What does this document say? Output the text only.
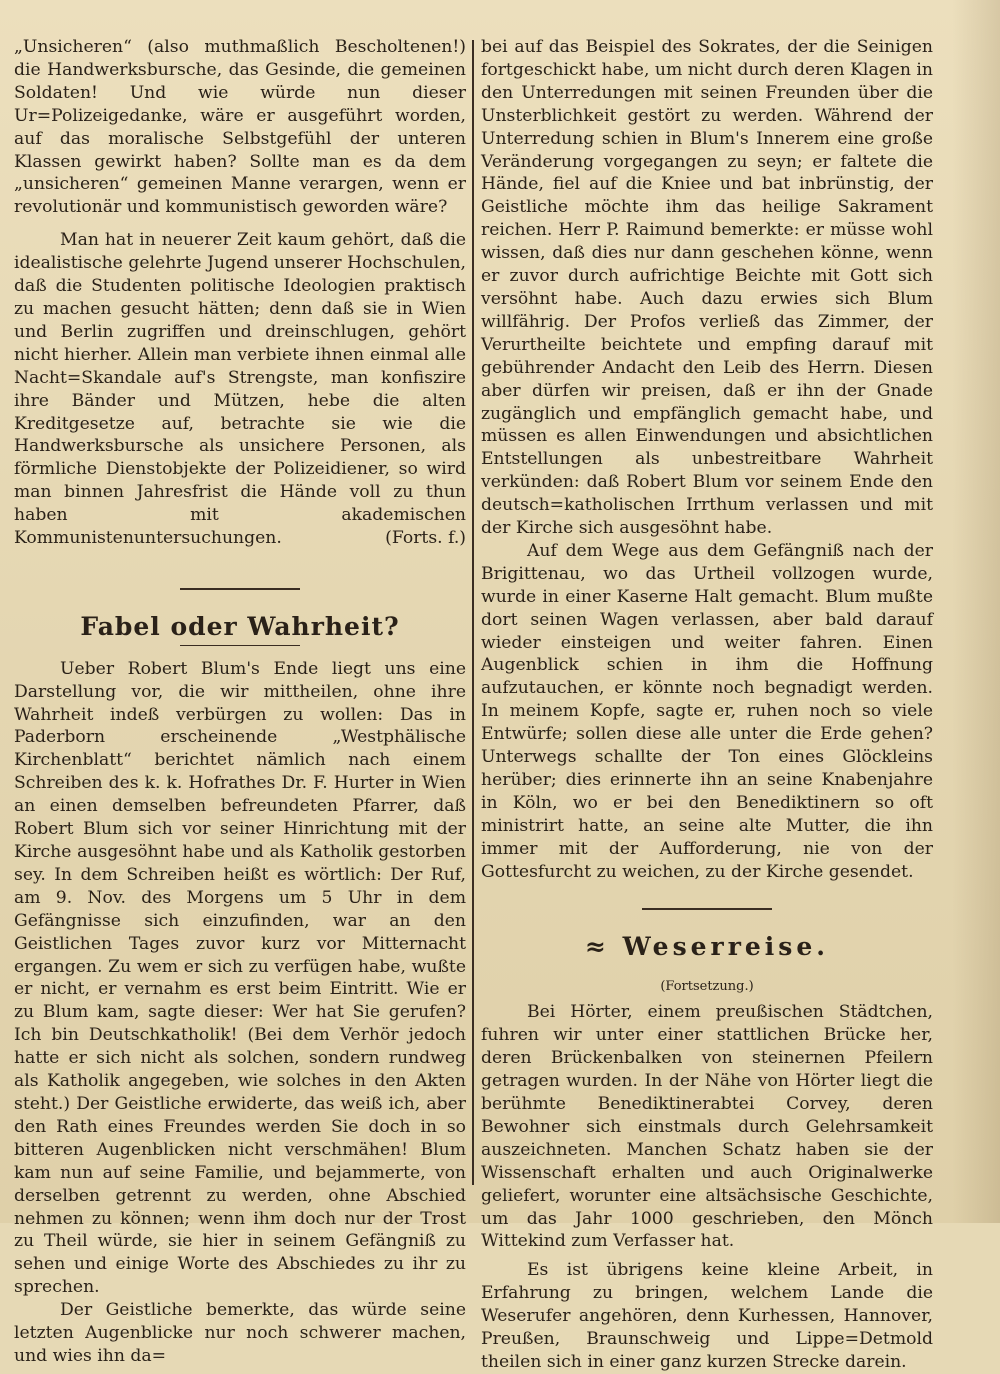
„Unsicheren“ (also muthmaßlich Bescholtenen!) die Handwerksbursche, das Gesinde, die gemeinen Soldaten! Und wie würde nun dieser Ur=Polizeigedanke, wäre er ausgeführt worden, auf das moralische Selbstgefühl der unteren Klassen gewirkt haben? Sollte man es da dem „unsicheren“ gemeinen Manne verargen, wenn er revolutionär und kommunistisch geworden wäre?

Man hat in neuerer Zeit kaum gehört, daß die idealistische gelehrte Jugend unserer Hochschulen, daß die Studenten politische Ideologien praktisch zu machen gesucht hätten; denn daß sie in Wien und Berlin zugriffen und dreinschlugen, gehört nicht hierher. Allein man verbiete ihnen einmal alle Nacht=Skandale auf's Strengste, man konfiszire ihre Bänder und Mützen, hebe die alten Kreditgesetze auf, betrachte sie wie die Handwerksbursche als unsichere Personen, als förmliche Dienstobjekte der Polizeidiener, so wird man binnen Jahresfrist die Hände voll zu thun haben mit akademischen Kommunistenuntersuchungen.	(Forts. f.)

Fabel oder Wahrheit?

Ueber Robert Blum's Ende liegt uns eine Darstellung vor, die wir mittheilen, ohne ihre Wahrheit indeß verbürgen zu wollen: Das in Paderborn erscheinende „Westphälische Kirchenblatt“ berichtet nämlich nach einem Schreiben des k. k. Hofrathes Dr. F. Hurter in Wien an einen demselben befreundeten Pfarrer, daß Robert Blum sich vor seiner Hinrichtung mit der Kirche ausgesöhnt habe und als Katholik gestorben sey. In dem Schreiben heißt es wörtlich: Der Ruf, am 9. Nov. des Morgens um 5 Uhr in dem Gefängnisse sich einzufinden, war an den Geistlichen Tages zuvor kurz vor Mitternacht ergangen. Zu wem er sich zu verfügen habe, wußte er nicht, er vernahm es erst beim Eintritt. Wie er zu Blum kam, sagte dieser: Wer hat Sie gerufen? Ich bin Deutschkatholik! (Bei dem Verhör jedoch hatte er sich nicht als solchen, sondern rundweg als Katholik angegeben, wie solches in den Akten steht.) Der Geistliche erwiderte, das weiß ich, aber den Rath eines Freundes werden Sie doch in so bitteren Augenblicken nicht verschmähen! Blum kam nun auf seine Familie, und bejammerte, von derselben getrennt zu werden, ohne Abschied nehmen zu können; wenn ihm doch nur der Trost zu Theil würde, sie hier in seinem Gefängniß zu sehen und einige Worte des Abschiedes zu ihr zu sprechen.

Der Geistliche bemerkte, das würde seine letzten Augenblicke nur noch schwerer machen, und wies ihn da=

bei auf das Beispiel des Sokrates, der die Seinigen fortgeschickt habe, um nicht durch deren Klagen in den Unterredungen mit seinen Freunden über die Unsterblichkeit gestört zu werden. Während der Unterredung schien in Blum's Innerem eine große Veränderung vorgegangen zu seyn; er faltete die Hände, fiel auf die Kniee und bat inbrünstig, der Geistliche möchte ihm das heilige Sakrament reichen. Herr P. Raimund bemerkte: er müsse wohl wissen, daß dies nur dann geschehen könne, wenn er zuvor durch aufrichtige Beichte mit Gott sich versöhnt habe. Auch dazu erwies sich Blum willfährig. Der Profos verließ das Zimmer, der Verurtheilte beichtete und empfing darauf mit gebührender Andacht den Leib des Herrn. Diesen aber dürfen wir preisen, daß er ihn der Gnade zugänglich und empfänglich gemacht habe, und müssen es allen Einwendungen und absichtlichen Entstellungen als unbestreitbare Wahrheit verkünden: daß Robert Blum vor seinem Ende den deutsch=katholischen Irrthum verlassen und mit der Kirche sich ausgesöhnt habe.

Auf dem Wege aus dem Gefängniß nach der Brigittenau, wo das Urtheil vollzogen wurde, wurde in einer Kaserne Halt gemacht. Blum mußte dort seinen Wagen verlassen, aber bald darauf wieder einsteigen und weiter fahren. Einen Augenblick schien in ihm die Hoffnung aufzutauchen, er könnte noch begnadigt werden. In meinem Kopfe, sagte er, ruhen noch so viele Entwürfe; sollen diese alle unter die Erde gehen? Unterwegs schallte der Ton eines Glöckleins herüber; dies erinnerte ihn an seine Knabenjahre in Köln, wo er bei den Benediktinern so oft ministrirt hatte, an seine alte Mutter, die ihn immer mit der Aufforderung, nie von der Gottesfurcht zu weichen, zu der Kirche gesendet.

≈ Weserreise.

(Fortsetzung.)

Bei Hörter, einem preußischen Städtchen, fuhren wir unter einer stattlichen Brücke her, deren Brückenbalken von steinernen Pfeilern getragen wurden. In der Nähe von Hörter liegt die berühmte Benediktinerabtei Corvey, deren Bewohner sich einstmals durch Gelehrsamkeit auszeichneten. Manchen Schatz haben sie der Wissenschaft erhalten und auch Originalwerke geliefert, worunter eine altsächsische Geschichte, um das Jahr 1000 geschrieben, den Mönch Wittekind zum Verfasser hat.

Es ist übrigens keine kleine Arbeit, in Erfahrung zu bringen, welchem Lande die Weserufer angehören, denn Kurhessen, Hannover, Preußen, Braunschweig und Lippe=Detmold theilen sich in einer ganz kurzen Strecke darein.
